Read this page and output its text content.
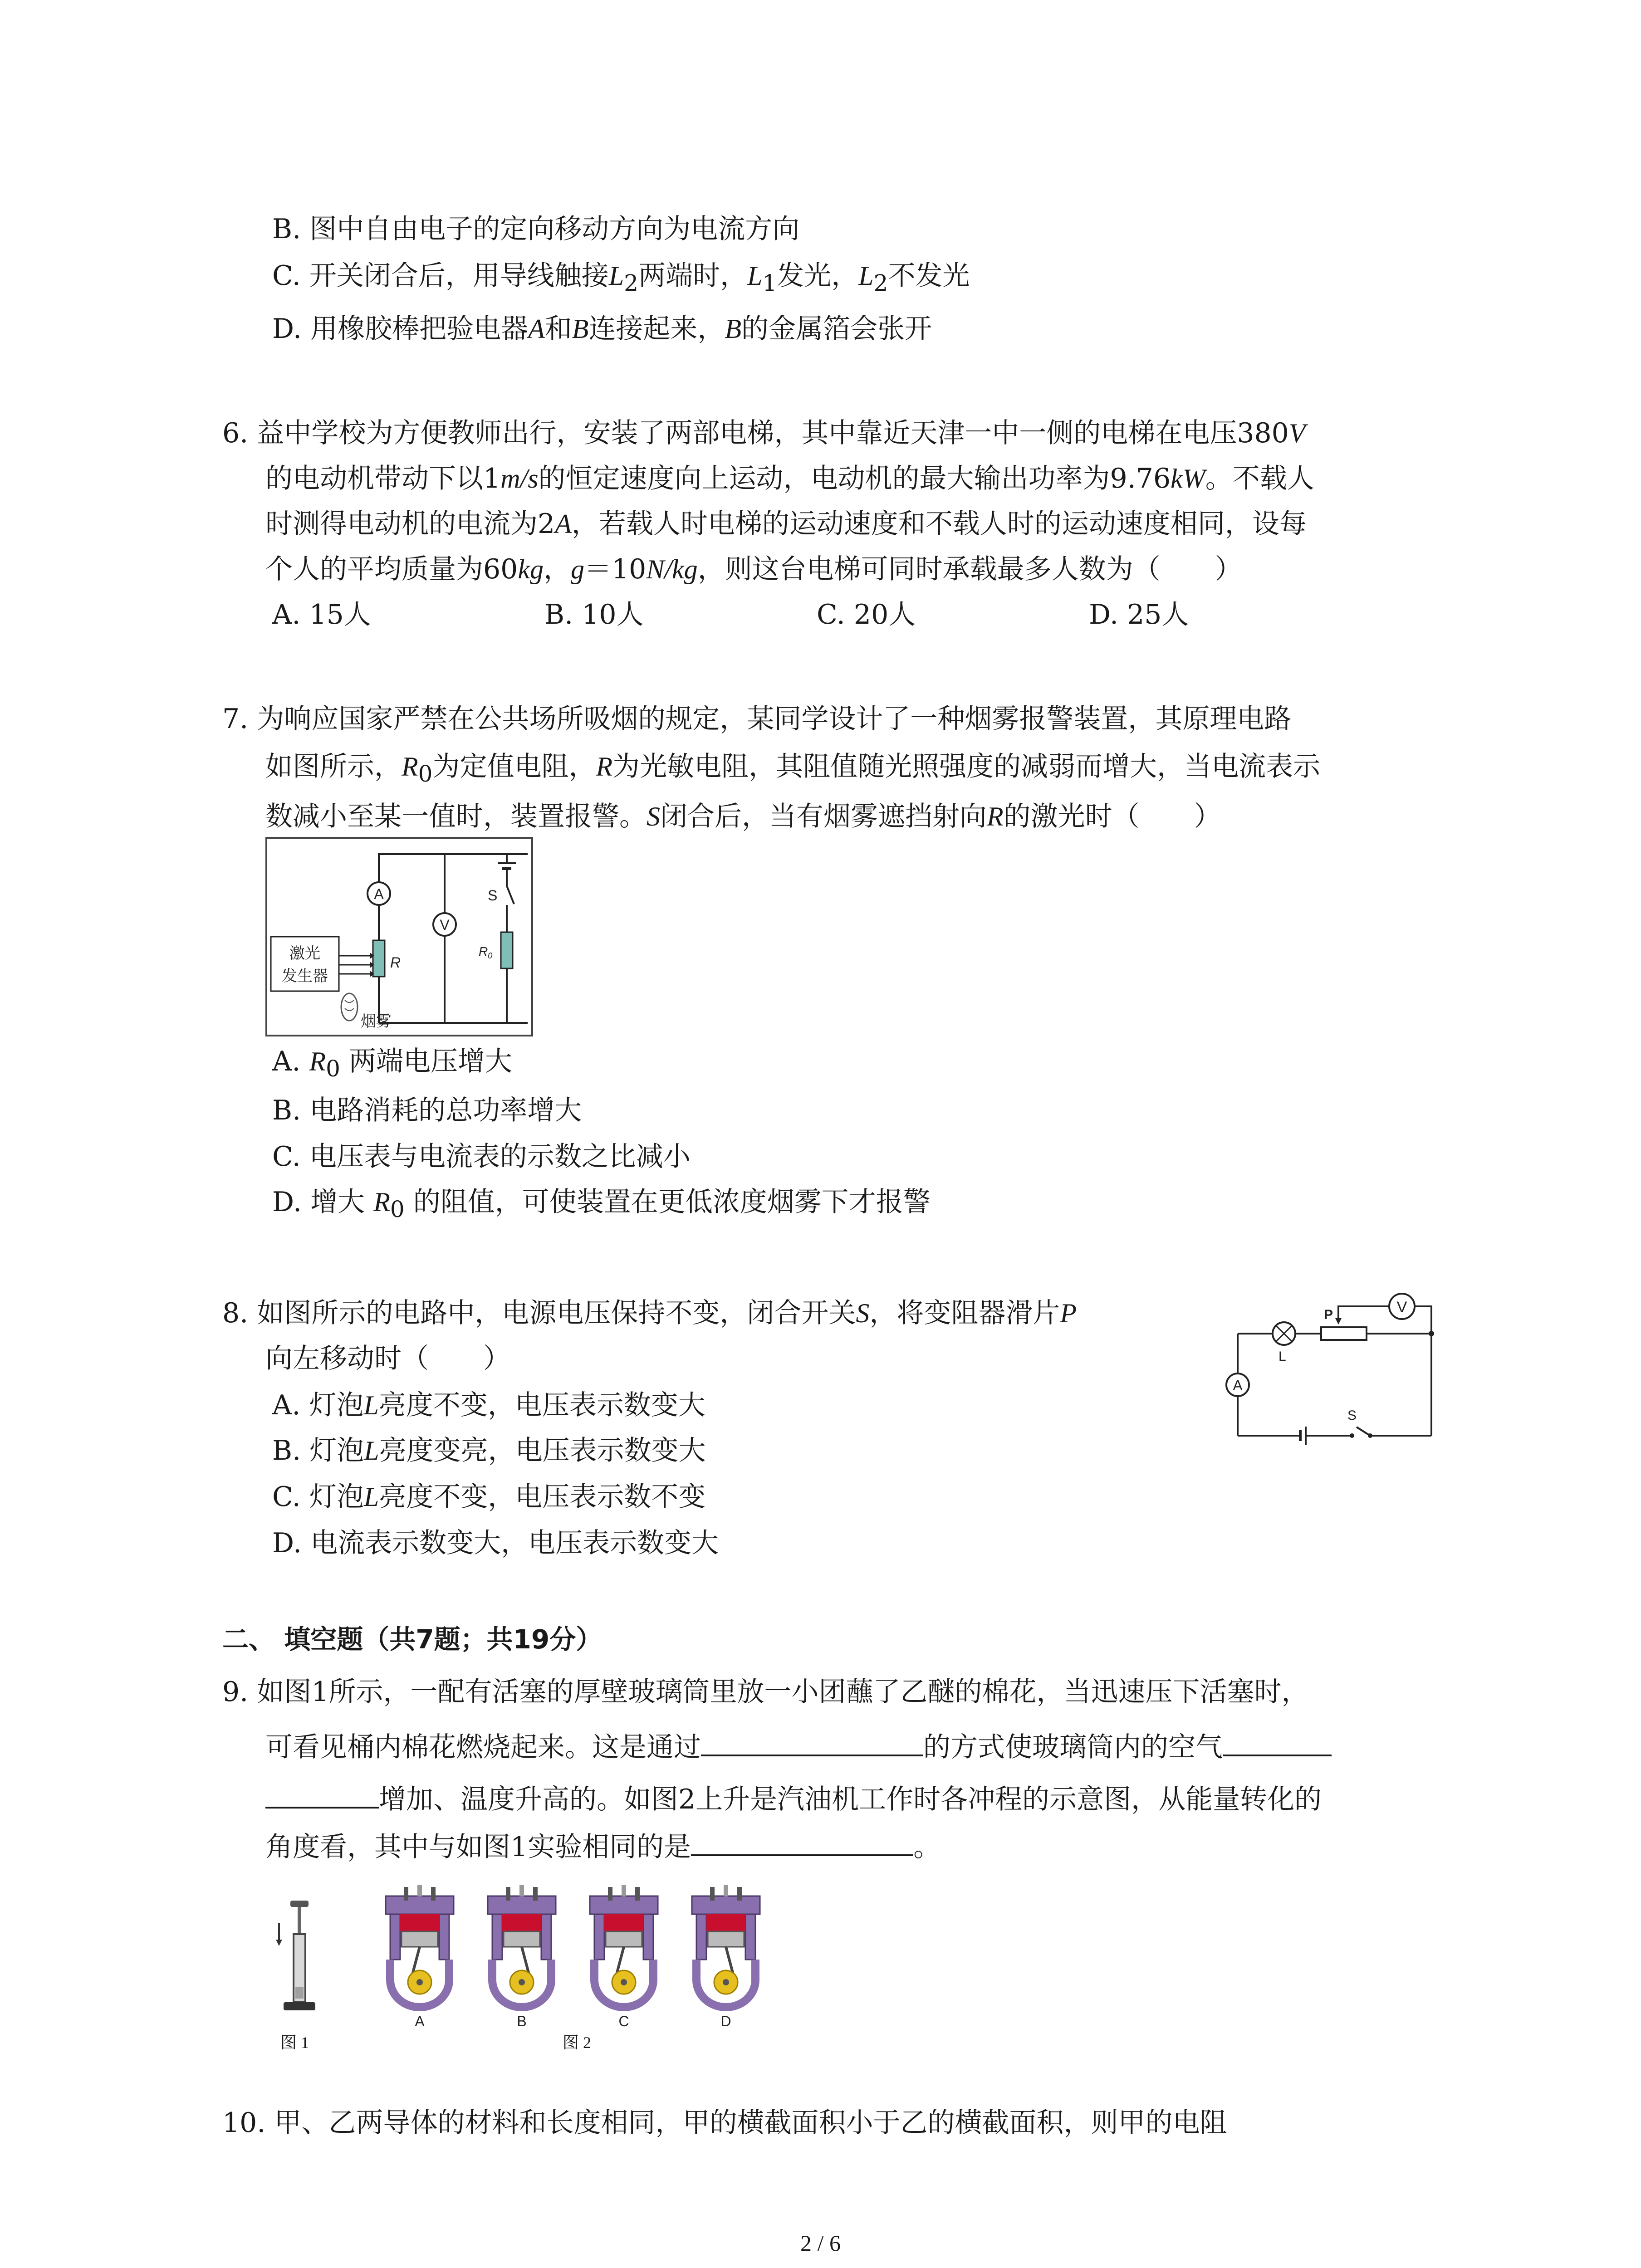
B. 图中自由电子的定向移动方向为电流方向
C. 开关闭合后，用导线触接$L_2$两端时，$L_1$发光，$L_2$不发光
D. 用橡胶棒把验电器A和B连接起来，B的金属箔会张开
6. 益中学校为方便教师出行，安装了两部电梯，其中靠近天津一中一侧的电梯在电压380V
的电动机带动下以1m/s的恒定速度向上运动，电动机的最大输出功率为9.76kW。不载人
时测得电动机的电流为2A，若载人时电梯的运动速度和不载人时的运动速度相同，设每
个人的平均质量为60kg，g＝10N/kg，则这台电梯可同时承载最多人数为（　　）
A. 15人	B. 10人	C. 20人	D. 25人
7. 为响应国家严禁在公共场所吸烟的规定，某同学设计了一种烟雾报警装置，其原理电路
如图所示，$R_0$为定值电阻，R为光敏电阻，其阻值随光照强度的减弱而增大，当电流表示
数减小至某一值时，装置报警。S闭合后，当有烟雾遮挡射向R的激光时（　　）
A
R
V
S
$R_0$
激光
发生器
烟雾
A. $R_0$ 两端电压增大
B. 电路消耗的总功率增大
C. 电压表与电流表的示数之比减小
D. 增大 $R_0$ 的阻值，可使装置在更低浓度烟雾下才报警
8. 如图所示的电路中，电源电压保持不变，闭合开关S，将变阻器滑片P
向左移动时（　　）
A. 灯泡L亮度不变，电压表示数变大
B. 灯泡L亮度变亮，电压表示数变大
C. 灯泡L亮度不变，电压表示数不变
D. 电流表示数变大，电压表示数变大
V
P
L
S
A
二、 填空题（共7题；共19分）
9. 如图1所示，一配有活塞的厚壁玻璃筒里放一小团蘸了乙醚的棉花，当迅速压下活塞时，
可看见桶内棉花燃烧起来。这是通过	的方式使玻璃筒内的空气
增加、温度升高的。如图2上升是汽油机工作时各冲程的示意图，从能量转化的
角度看，其中与如图1实验相同的是	。
图 1
A	B	C	D
图 2
10. 甲、乙两导体的材料和长度相同，甲的横截面积小于乙的横截面积，则甲的电阻
2 / 6
